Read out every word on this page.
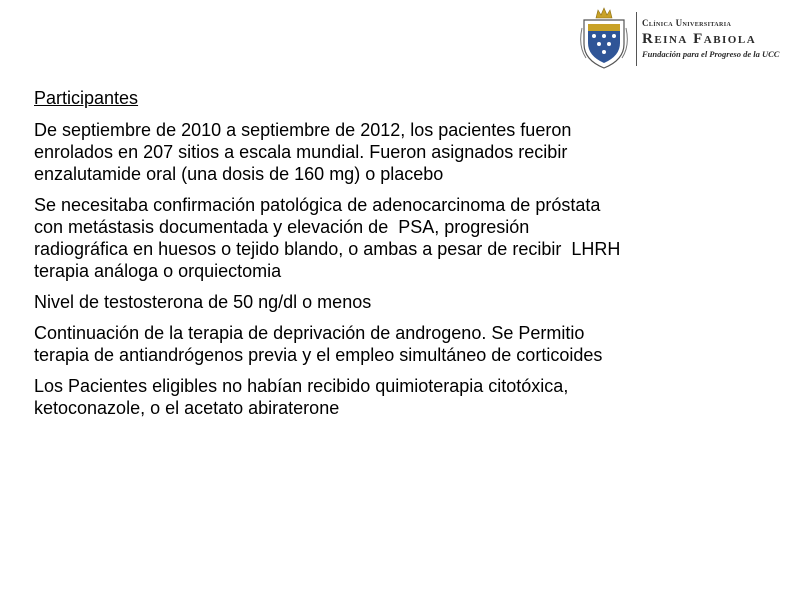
Clínica Universitaria
Reina Fabiola
Fundación para el Progreso de la UCC
Participantes
De septiembre de 2010 a septiembre de 2012, los pacientes fueron
enrolados en 207 sitios a escala mundial. Fueron asignados recibir
enzalutamide oral (una dosis de 160 mg) o placebo
Se necesitaba confirmación patológica de adenocarcinoma de próstata
con metástasis documentada y elevación de  PSA, progresión
radiográfica en huesos o tejido blando, o ambas a pesar de recibir  LHRH
terapia análoga o orquiectomia
Nivel de testosterona de 50 ng/dl o menos
Continuación de la terapia de deprivación de androgeno. Se Permitio
terapia de antiandrógenos previa y el empleo simultáneo de corticoides
Los Pacientes eligibles no habían recibido quimioterapia citotóxica,
ketoconazole, o el acetato abiraterone
